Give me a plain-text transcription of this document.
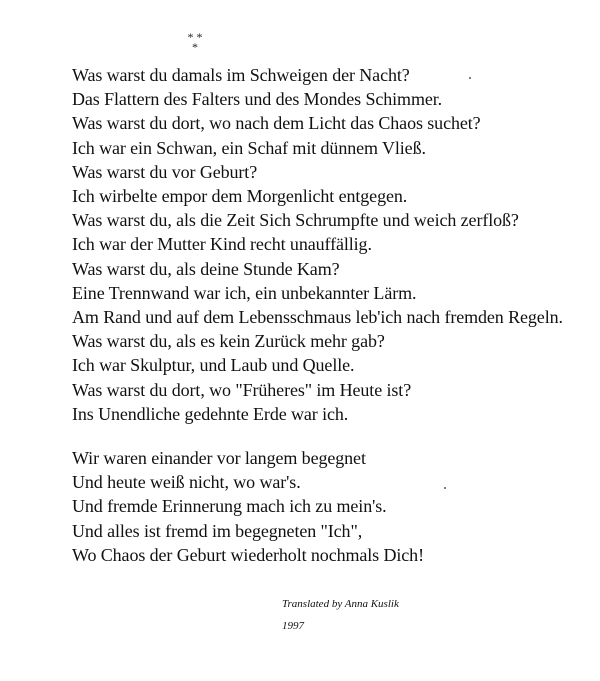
* *
*
Was warst du damals im Schweigen der Nacht?
Das Flattern des Falters und des Mondes Schimmer.
Was warst du dort, wo nach dem Licht das Chaos suchet?
Ich war ein Schwan, ein Schaf mit dünnem Vließ.
Was warst du vor Geburt?
Ich wirbelte empor dem Morgenlicht entgegen.
Was warst du, als die Zeit Sich Schrumpfte und weich zerfloß?
Ich war der Mutter Kind recht unauffällig.
Was warst du, als deine Stunde Kam?
Eine Trennwand war ich, ein unbekannter Lärm.
Am Rand und auf dem Lebensschmaus leb'ich nach fremden Regeln.
Was warst du, als es kein Zurück mehr gab?
Ich war Skulptur, und Laub und Quelle.
Was warst du dort, wo "Früheres" im Heute ist?
Ins Unendliche gedehnte Erde war ich.
Wir waren einander vor langem begegnet
Und heute weiß nicht, wo war's.
Und fremde Erinnerung mach ich zu mein's.
Und alles ist fremd im begegneten "Ich",
Wo Chaos der Geburt wiederholt nochmals Dich!
Translated by Anna Kuslik
1997
